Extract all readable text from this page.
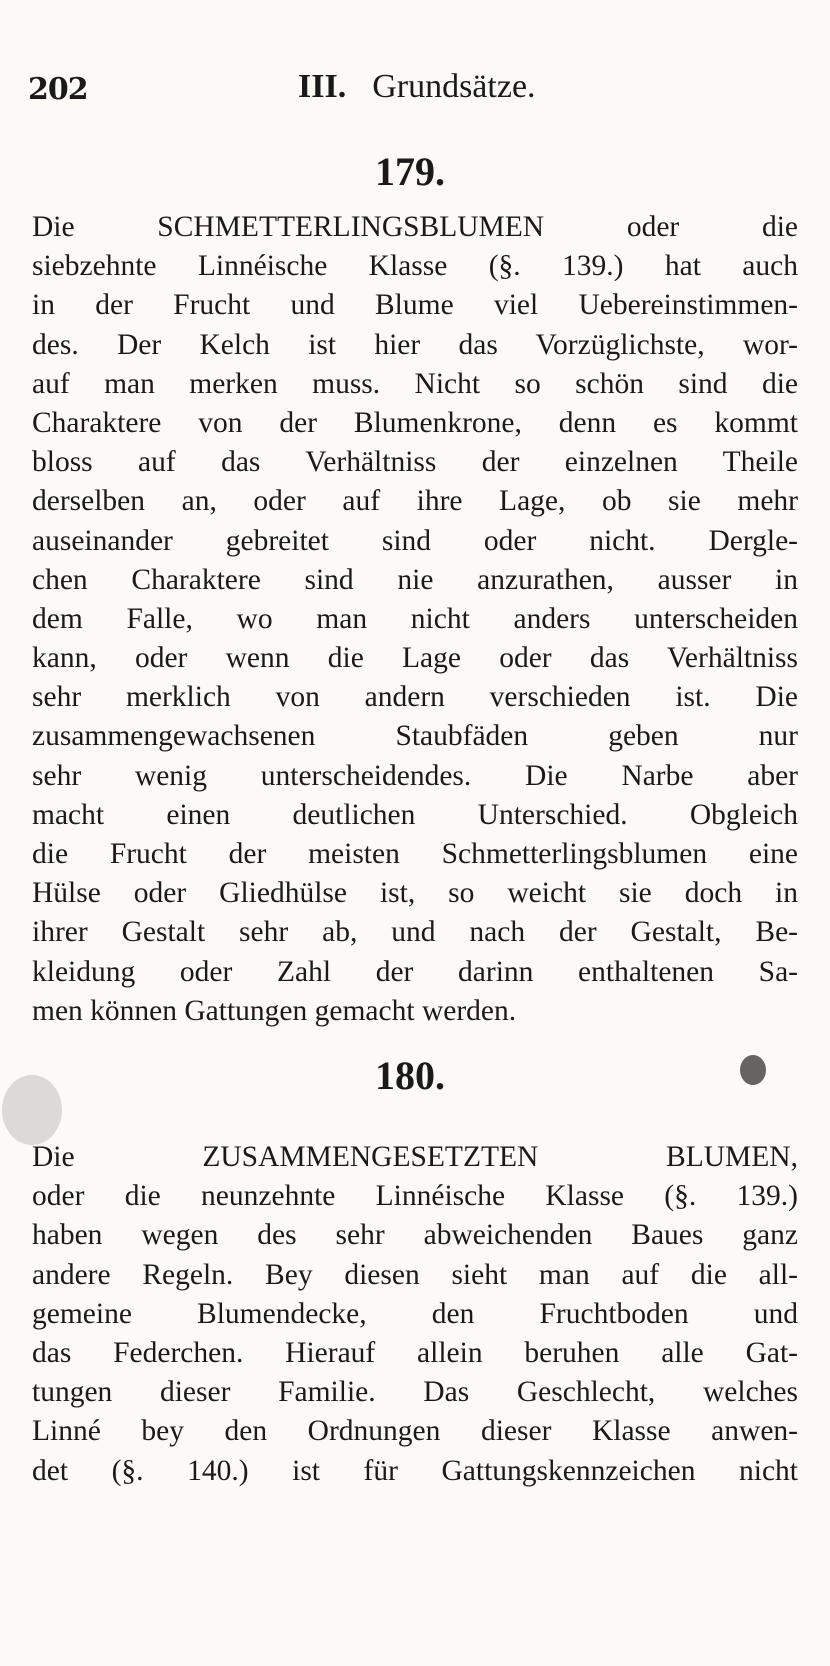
202	III. Grundsätze.
179.
Die SCHMETTERLINGSBLUMEN oder die
siebzehnte Linnéische Klasse (§. 139.) hat auch
in der Frucht und Blume viel Uebereinstimmen-
des. Der Kelch ist hier das Vorzüglichste, wor-
auf man merken muss. Nicht so schön sind die
Charaktere von der Blumenkrone, denn es kommt
bloss auf das Verhältniss der einzelnen Theile
derselben an, oder auf ihre Lage, ob sie mehr
auseinander gebreitet sind oder nicht. Dergle-
chen Charaktere sind nie anzurathen, ausser in
dem Falle, wo man nicht anders unterscheiden
kann, oder wenn die Lage oder das Verhältniss
sehr merklich von andern verschieden ist. Die
zusammengewachsenen Staubfäden geben nur
sehr wenig unterscheidendes. Die Narbe aber
macht einen deutlichen Unterschied. Obgleich
die Frucht der meisten Schmetterlingsblumen eine
Hülse oder Gliedhülse ist, so weicht sie doch in
ihrer Gestalt sehr ab, und nach der Gestalt, Be-
kleidung oder Zahl der darinn enthaltenen Sa-
men können Gattungen gemacht werden.
180.
Die ZUSAMMENGESETZTEN BLUMEN,
oder die neunzehnte Linnéische Klasse (§. 139.)
haben wegen des sehr abweichenden Baues ganz
andere Regeln. Bey diesen sieht man auf die all-
gemeine Blumendecke, den Fruchtboden und
das Federchen. Hierauf allein beruhen alle Gat-
tungen dieser Familie. Das Geschlecht, welches
Linné bey den Ordnungen dieser Klasse anwen-
det (§. 140.) ist für Gattungskennzeichen nicht
